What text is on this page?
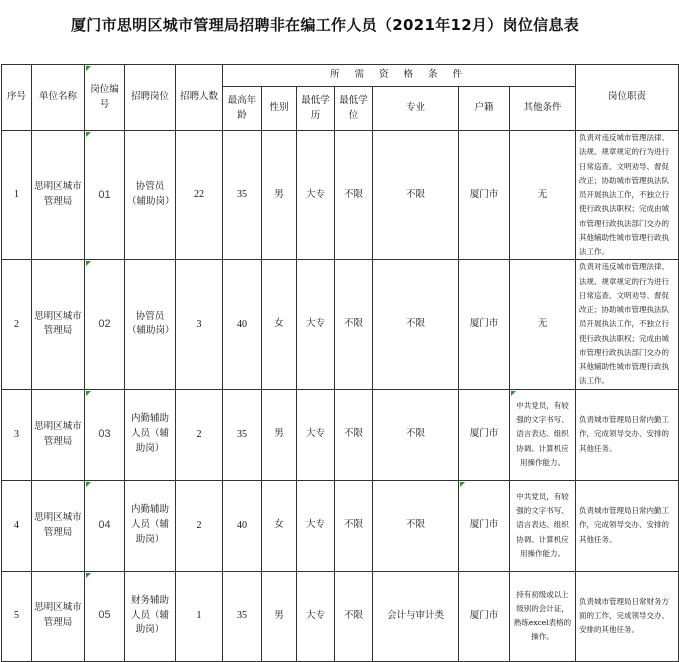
厦门市思明区城市管理局招聘非在编工作人员（2021年12月）岗位信息表
序号	单位名称	岗位编号	招聘岗位	招聘人数	所 需 资 格 条 件							岗位职责
					最高年龄	性别	最低学历	最低学位	专业	户籍	其他条件	
1	思明区城市管理局	01	协管员（辅助岗）	22	35	男	大专	不限	不限	厦门市	无	负责对违反城市管理法律、法规、规章规定的行为进行日常巡查、文明劝导、督促改正；协助城市管理执法队员开展执法工作，不独立行使行政执法职权；完成由城市管理行政执法部门交办的其他辅助性城市管理行政执法工作。
2	思明区城市管理局	02	协管员（辅助岗）	3	40	女	大专	不限	不限	厦门市	无	负责对违反城市管理法律、法规、规章规定的行为进行日常巡查、文明劝导、督促改正；协助城市管理执法队员开展执法工作，不独立行使行政执法职权；完成由城市管理行政执法部门交办的其他辅助性城市管理行政执法工作。
3	思明区城市管理局	03	内勤辅助人员（辅助岗）	2	35	男	大专	不限	不限	厦门市	中共党员，有较强的文字书写、语言表达、组织协调、计算机应用操作能力。	负责城市管理局日常内勤工作，完成领导交办、安排的其他任务。
4	思明区城市管理局	04	内勤辅助人员（辅助岗）	2	40	女	大专	不限	不限	厦门市	中共党员，有较强的文字书写、语言表达、组织协调、计算机应用操作能力。	负责城市管理局日常内勤工作，完成领导交办、安排的其他任务。
5	思明区城市管理局	05	财务辅助人员（辅助岗）	1	35	男	大专	不限	会计与审计类	厦门市	持有初级或以上级别的会计证，熟练excel表格的操作。	负责城市管理局日常财务方面的工作，完成领导交办、安排的其他任务。
